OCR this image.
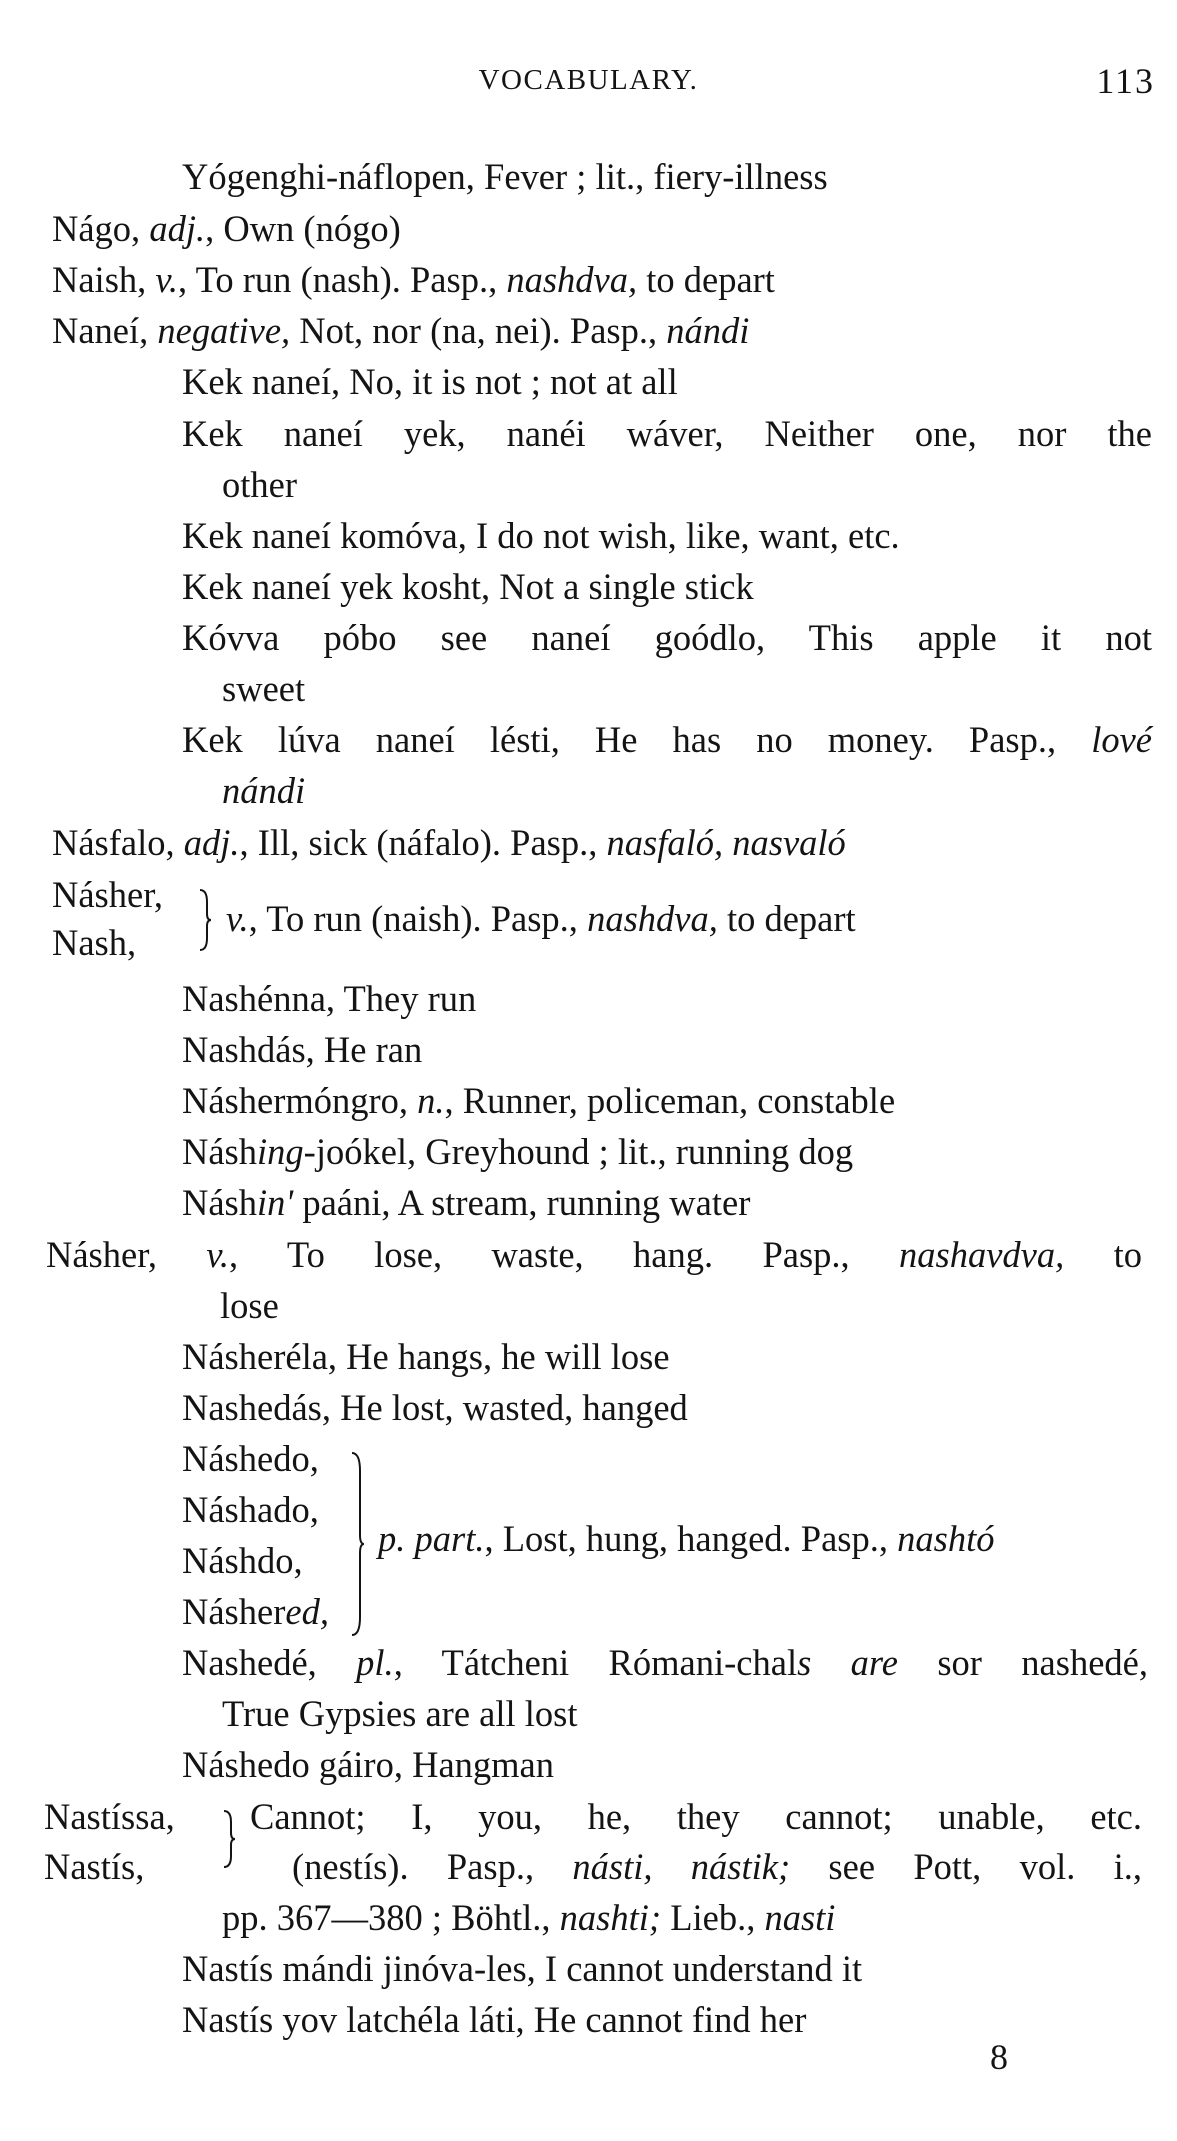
VOCABULARY.	113
Yógenghi-náflopen, Fever ; lit., fiery-illness
Nágo, adj., Own (nógo)
Naish, v., To run (nash). Pasp., nashdva, to depart
Naneí, negative, Not, nor (na, nei). Pasp., nándi
Kek naneí, No, it is not ; not at all
Kek naneí yek, nanéi wáver, Neither one, nor the
other
Kek naneí komóva, I do not wish, like, want, etc.
Kek naneí yek kosht, Not a single stick
Kóvva póbo see naneí goódlo, This apple it not
sweet
Kek lúva naneí lésti, He has no money. Pasp., lové
nándi
Násfalo, adj., Ill, sick (náfalo). Pasp., nasfaló, nasvaló
Násher,
Nash,
v., To run (naish). Pasp., nashdva, to depart
Nashénna, They run
Nashdás, He ran
Náshermóngro, n., Runner, policeman, constable
Náshing-joókel, Greyhound ; lit., running dog
Náshin' paáni, A stream, running water
Násher, v., To lose, waste, hang. Pasp., nashavdva, to
lose
Násheréla, He hangs, he will lose
Nashedás, He lost, wasted, hanged
Náshedo,
Náshado,
Náshdo,
Náshered,
p. part., Lost, hung, hanged. Pasp., nashtó
Nashedé, pl., Tátcheni Rómani-chals are sor nashedé,
True Gypsies are all lost
Náshedo gáiro, Hangman
Nastíssa,
Nastís,
Cannot; I, you, he, they cannot; unable, etc.
(nestís). Pasp., násti, nástik; see Pott, vol. i.,
pp. 367—380 ; Böhtl., nashti; Lieb., nasti
Nastís mándi jinóva-les, I cannot understand it
Nastís yov latchéla láti, He cannot find her
8
